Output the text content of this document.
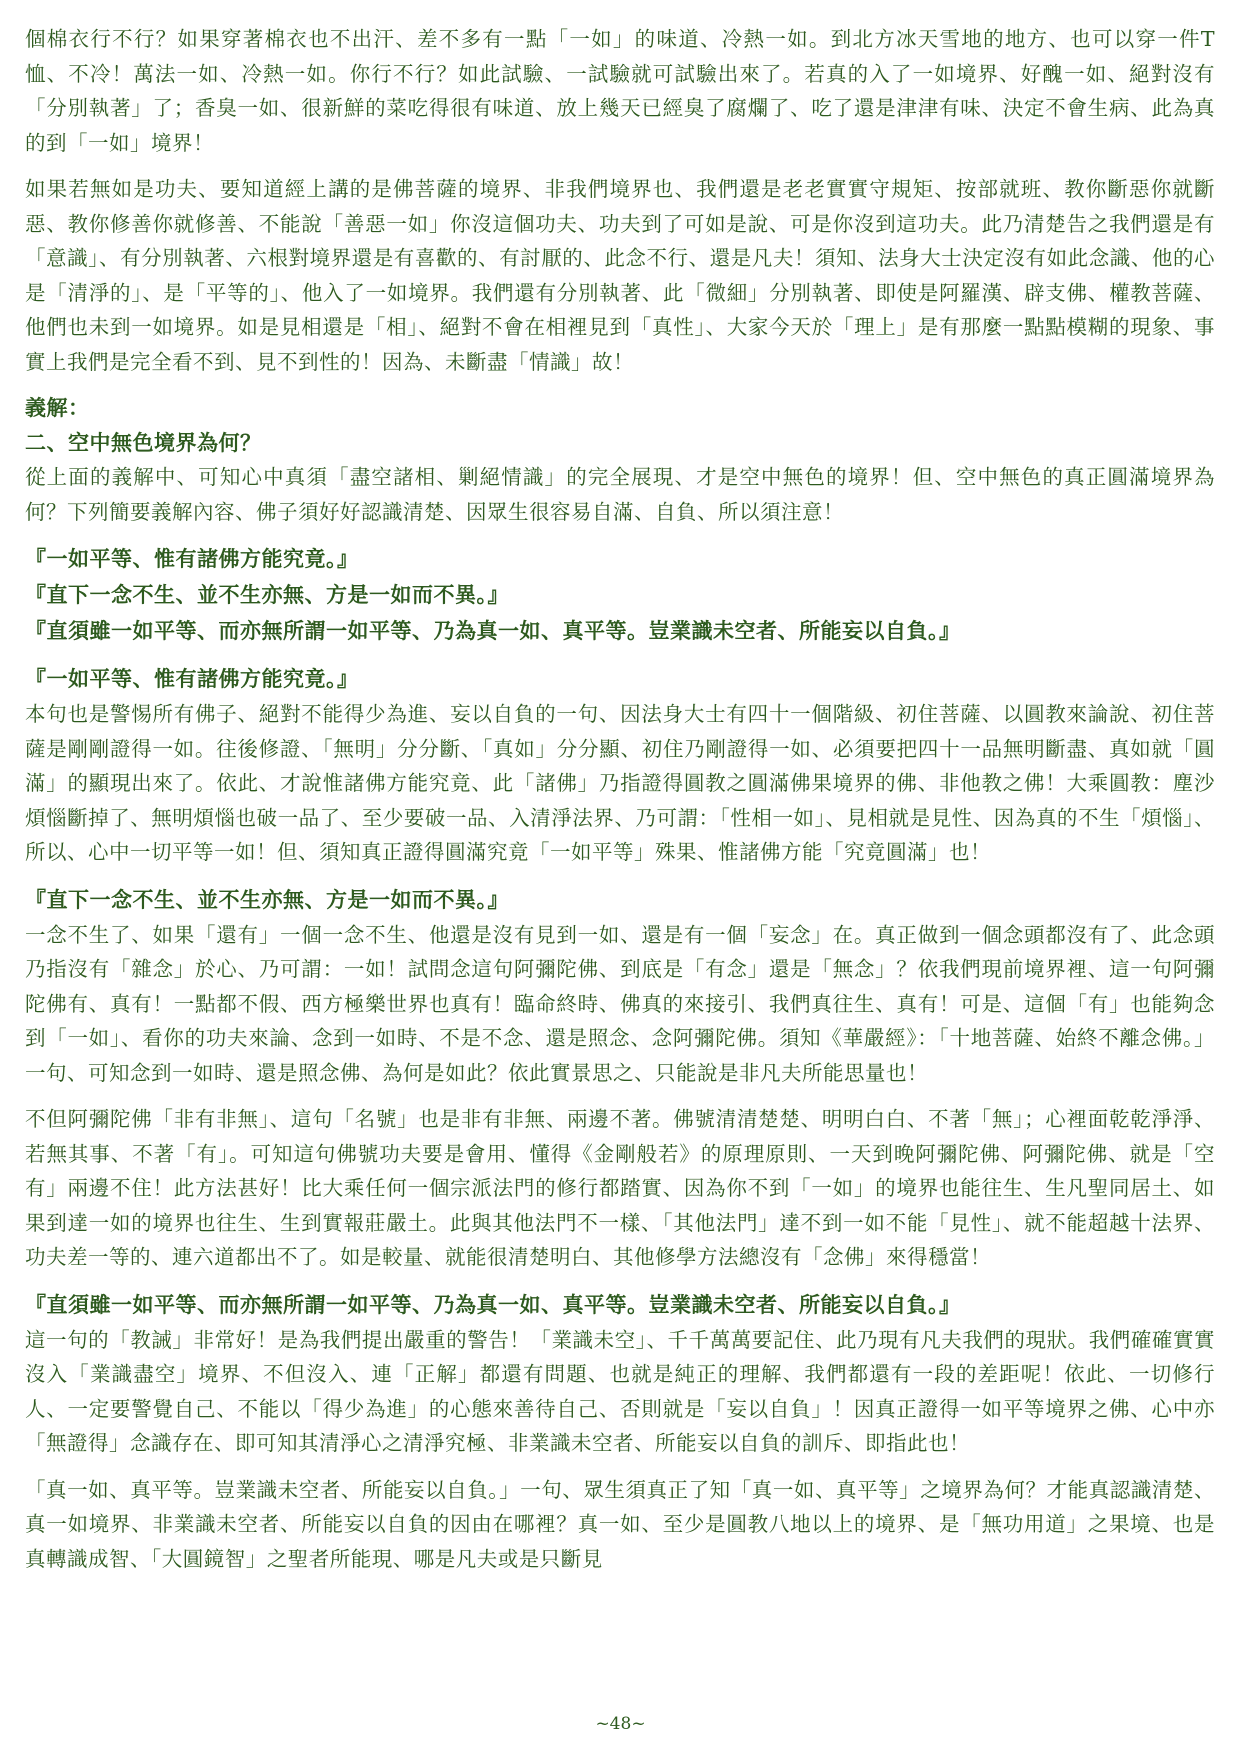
個棉衣行不行？如果穿著棉衣也不出汗、差不多有一點「一如」的味道、冷熱一如。到北方冰天雪地的地方、也可以穿一件T恤、不冷！萬法一如、冷熱一如。你行不行？如此試驗、一試驗就可試驗出來了。若真的入了一如境界、好醜一如、絕對沒有「分別執著」了；香臭一如、很新鮮的菜吃得很有味道、放上幾天已經臭了腐爛了、吃了還是津津有味、決定不會生病、此為真的到「一如」境界！

如果若無如是功夫、要知道經上講的是佛菩薩的境界、非我們境界也、我們還是老老實實守規矩、按部就班、教你斷惡你就斷惡、教你修善你就修善、不能說「善惡一如」你沒這個功夫、功夫到了可如是說、可是你沒到這功夫。此乃清楚告之我們還是有「意識」、有分別執著、六根對境界還是有喜歡的、有討厭的、此念不行、還是凡夫！須知、法身大士決定沒有如此念識、他的心是「清淨的」、是「平等的」、他入了一如境界。我們還有分別執著、此「微細」分別執著、即使是阿羅漢、辟支佛、權教菩薩、他們也未到一如境界。如是見相還是「相」、絕對不會在相裡見到「真性」、大家今天於「理上」是有那麼一點點模糊的現象、事實上我們是完全看不到、見不到性的！因為、未斷盡「情識」故！

義解：

二、空中無色境界為何？

從上面的義解中、可知心中真須「盡空諸相、剿絕情識」的完全展現、才是空中無色的境界！但、空中無色的真正圓滿境界為何？下列簡要義解內容、佛子須好好認識清楚、因眾生很容易自滿、自負、所以須注意！

『一如平等、惟有諸佛方能究竟。』

『直下一念不生、並不生亦無、方是一如而不異。』

『直須雖一如平等、而亦無所謂一如平等、乃為真一如、真平等。豈業識未空者、所能妄以自負。』

『一如平等、惟有諸佛方能究竟。』

本句也是警惕所有佛子、絕對不能得少為進、妄以自負的一句、因法身大士有四十一個階級、初住菩薩、以圓教來論說、初住菩薩是剛剛證得一如。往後修證、「無明」分分斷、「真如」分分顯、初住乃剛證得一如、必須要把四十一品無明斷盡、真如就「圓滿」的顯現出來了。依此、才說惟諸佛方能究竟、此「諸佛」乃指證得圓教之圓滿佛果境界的佛、非他教之佛！大乘圓教：塵沙煩惱斷掉了、無明煩惱也破一品了、至少要破一品、入清淨法界、乃可謂：「性相一如」、見相就是見性、因為真的不生「煩惱」、所以、心中一切平等一如！但、須知真正證得圓滿究竟「一如平等」殊果、惟諸佛方能「究竟圓滿」也！

『直下一念不生、並不生亦無、方是一如而不異。』

一念不生了、如果「還有」一個一念不生、他還是沒有見到一如、還是有一個「妄念」在。真正做到一個念頭都沒有了、此念頭乃指沒有「雜念」於心、乃可謂：一如！試問念這句阿彌陀佛、到底是「有念」還是「無念」？依我們現前境界裡、這一句阿彌陀佛有、真有！一點都不假、西方極樂世界也真有！臨命終時、佛真的來接引、我們真往生、真有！可是、這個「有」也能夠念到「一如」、看你的功夫來論、念到一如時、不是不念、還是照念、念阿彌陀佛。須知《華嚴經》：「十地菩薩、始終不離念佛。」一句、可知念到一如時、還是照念佛、為何是如此？依此實景思之、只能說是非凡夫所能思量也！

不但阿彌陀佛「非有非無」、這句「名號」也是非有非無、兩邊不著。佛號清清楚楚、明明白白、不著「無」；心裡面乾乾淨淨、若無其事、不著「有」。可知這句佛號功夫要是會用、懂得《金剛般若》的原理原則、一天到晚阿彌陀佛、阿彌陀佛、就是「空有」兩邊不住！此方法甚好！比大乘任何一個宗派法門的修行都踏實、因為你不到「一如」的境界也能往生、生凡聖同居土、如果到達一如的境界也往生、生到實報莊嚴土。此與其他法門不一樣、「其他法門」達不到一如不能「見性」、就不能超越十法界、功夫差一等的、連六道都出不了。如是較量、就能很清楚明白、其他修學方法總沒有「念佛」來得穩當！

『直須雖一如平等、而亦無所謂一如平等、乃為真一如、真平等。豈業識未空者、所能妄以自負。』

這一句的「教誡」非常好！是為我們提出嚴重的警告！「業識未空」、千千萬萬要記住、此乃現有凡夫我們的現狀。我們確確實實沒入「業識盡空」境界、不但沒入、連「正解」都還有問題、也就是純正的理解、我們都還有一段的差距呢！依此、一切修行人、一定要警覺自己、不能以「得少為進」的心態來善待自己、否則就是「妄以自負」！因真正證得一如平等境界之佛、心中亦「無證得」念識存在、即可知其清淨心之清淨究極、非業識未空者、所能妄以自負的訓斥、即指此也！

「真一如、真平等。豈業識未空者、所能妄以自負。」一句、眾生須真正了知「真一如、真平等」之境界為何？才能真認識清楚、真一如境界、非業識未空者、所能妄以自負的因由在哪裡？真一如、至少是圓教八地以上的境界、是「無功用道」之果境、也是真轉識成智、「大圓鏡智」之聖者所能現、哪是凡夫或是只斷見

~48~
